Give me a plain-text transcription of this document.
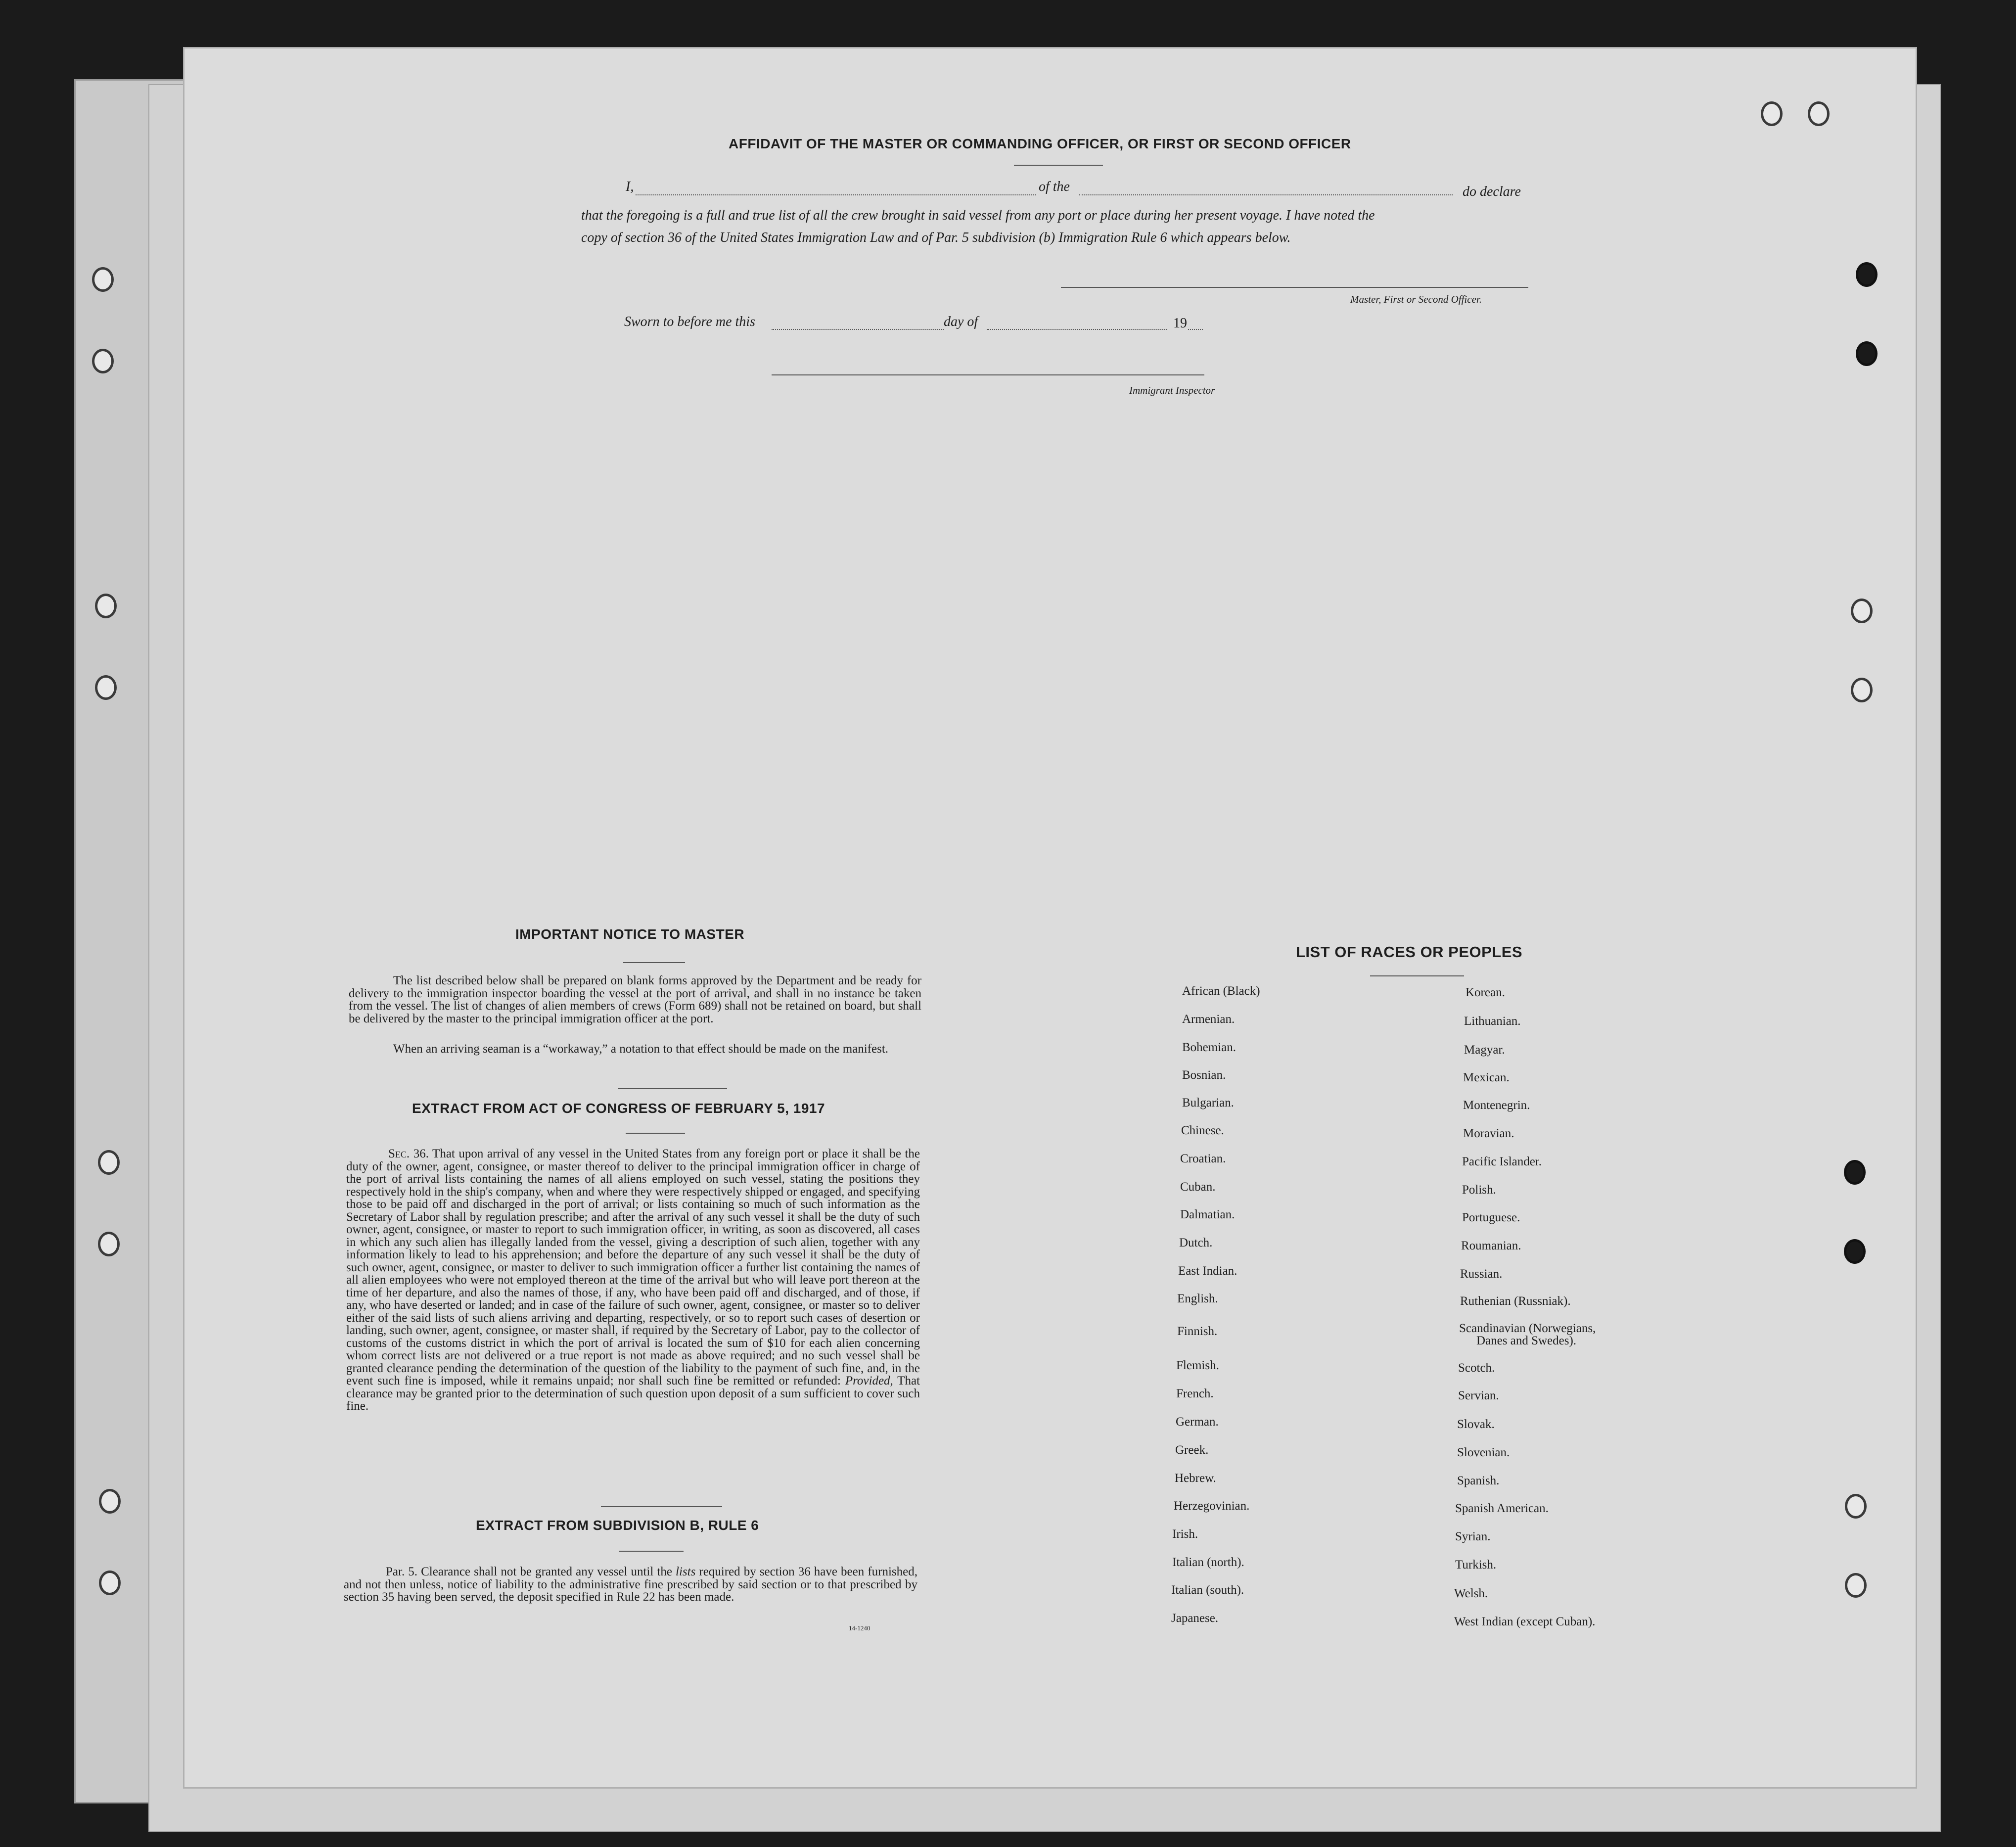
AFFIDAVIT OF THE MASTER OR COMMANDING OFFICER, OR FIRST OR SECOND OFFICER
I,	of the	do declare
that the foregoing is a full and true list of all the crew brought in said vessel from any port or place during her present voyage. I have noted the
copy of section 36 of the United States Immigration Law and of Par. 5 subdivision (b) Immigration Rule 6 which appears below.
Master, First or Second Officer.
Sworn to before me this	day of	19
Immigrant Inspector
IMPORTANT NOTICE TO MASTER
The list described below shall be prepared on blank forms approved by the Department and be ready for delivery to the immigration inspector boarding the vessel at the port of arrival, and shall in no instance be taken from the vessel. The list of changes of alien members of crews (Form 689) shall not be retained on board, but shall be delivered by the master to the principal immigration officer at the port.
When an arriving seaman is a “workaway,” a notation to that effect should be made on the manifest.
EXTRACT FROM ACT OF CONGRESS OF FEBRUARY 5, 1917
Sec. 36. That upon arrival of any vessel in the United States from any foreign port or place it shall be the duty of the owner, agent, consignee, or master thereof to deliver to the principal immigration officer in charge of the port of arrival lists containing the names of all aliens employed on such vessel, stating the positions they respectively hold in the ship's company, when and where they were respectively shipped or engaged, and specifying those to be paid off and discharged in the port of arrival; or lists containing so much of such information as the Secretary of Labor shall by regulation prescribe; and after the arrival of any such vessel it shall be the duty of such owner, agent, consignee, or master to report to such immigration officer, in writing, as soon as discovered, all cases in which any such alien has illegally landed from the vessel, giving a description of such alien, together with any information likely to lead to his apprehension; and before the departure of any such vessel it shall be the duty of such owner, agent, consignee, or master to deliver to such immigration officer a further list containing the names of all alien employees who were not employed thereon at the time of the arrival but who will leave port thereon at the time of her departure, and also the names of those, if any, who have been paid off and discharged, and of those, if any, who have deserted or landed; and in case of the failure of such owner, agent, consignee, or master so to deliver either of the said lists of such aliens arriving and departing, respectively, or so to report such cases of desertion or landing, such owner, agent, consignee, or master shall, if required by the Secretary of Labor, pay to the collector of customs of the customs district in which the port of arrival is located the sum of $10 for each alien concerning whom correct lists are not delivered or a true report is not made as above required; and no such vessel shall be granted clearance pending the determination of the question of the liability to the payment of such fine, and, in the event such fine is imposed, while it remains unpaid; nor shall such fine be remitted or refunded: Provided, That clearance may be granted prior to the determination of such question upon deposit of a sum sufficient to cover such fine.
EXTRACT FROM SUBDIVISION B, RULE 6
Par. 5. Clearance shall not be granted any vessel until the lists required by section 36 have been furnished, and not then unless, notice of liability to the administrative fine prescribed by said section or to that prescribed by section 35 having been served, the deposit specified in Rule 22 has been made.
14-1240
LIST OF RACES OR PEOPLES
African (Black)
Armenian.
Bohemian.
Bosnian.
Bulgarian.
Chinese.
Croatian.
Cuban.
Dalmatian.
Dutch.
East Indian.
English.
Finnish.
Flemish.
French.
German.
Greek.
Hebrew.
Herzegovinian.
Irish.
Italian (north).
Italian (south).
Japanese.
Korean.
Lithuanian.
Magyar.
Mexican.
Montenegrin.
Moravian.
Pacific Islander.
Polish.
Portuguese.
Roumanian.
Russian.
Ruthenian (Russniak).
Scandinavian (Norwegians,
Scotch.
Servian.
Slovak.
Slovenian.
Spanish.
Spanish American.
Syrian.
Turkish.
Welsh.
West Indian (except Cuban).
Danes and Swedes).
